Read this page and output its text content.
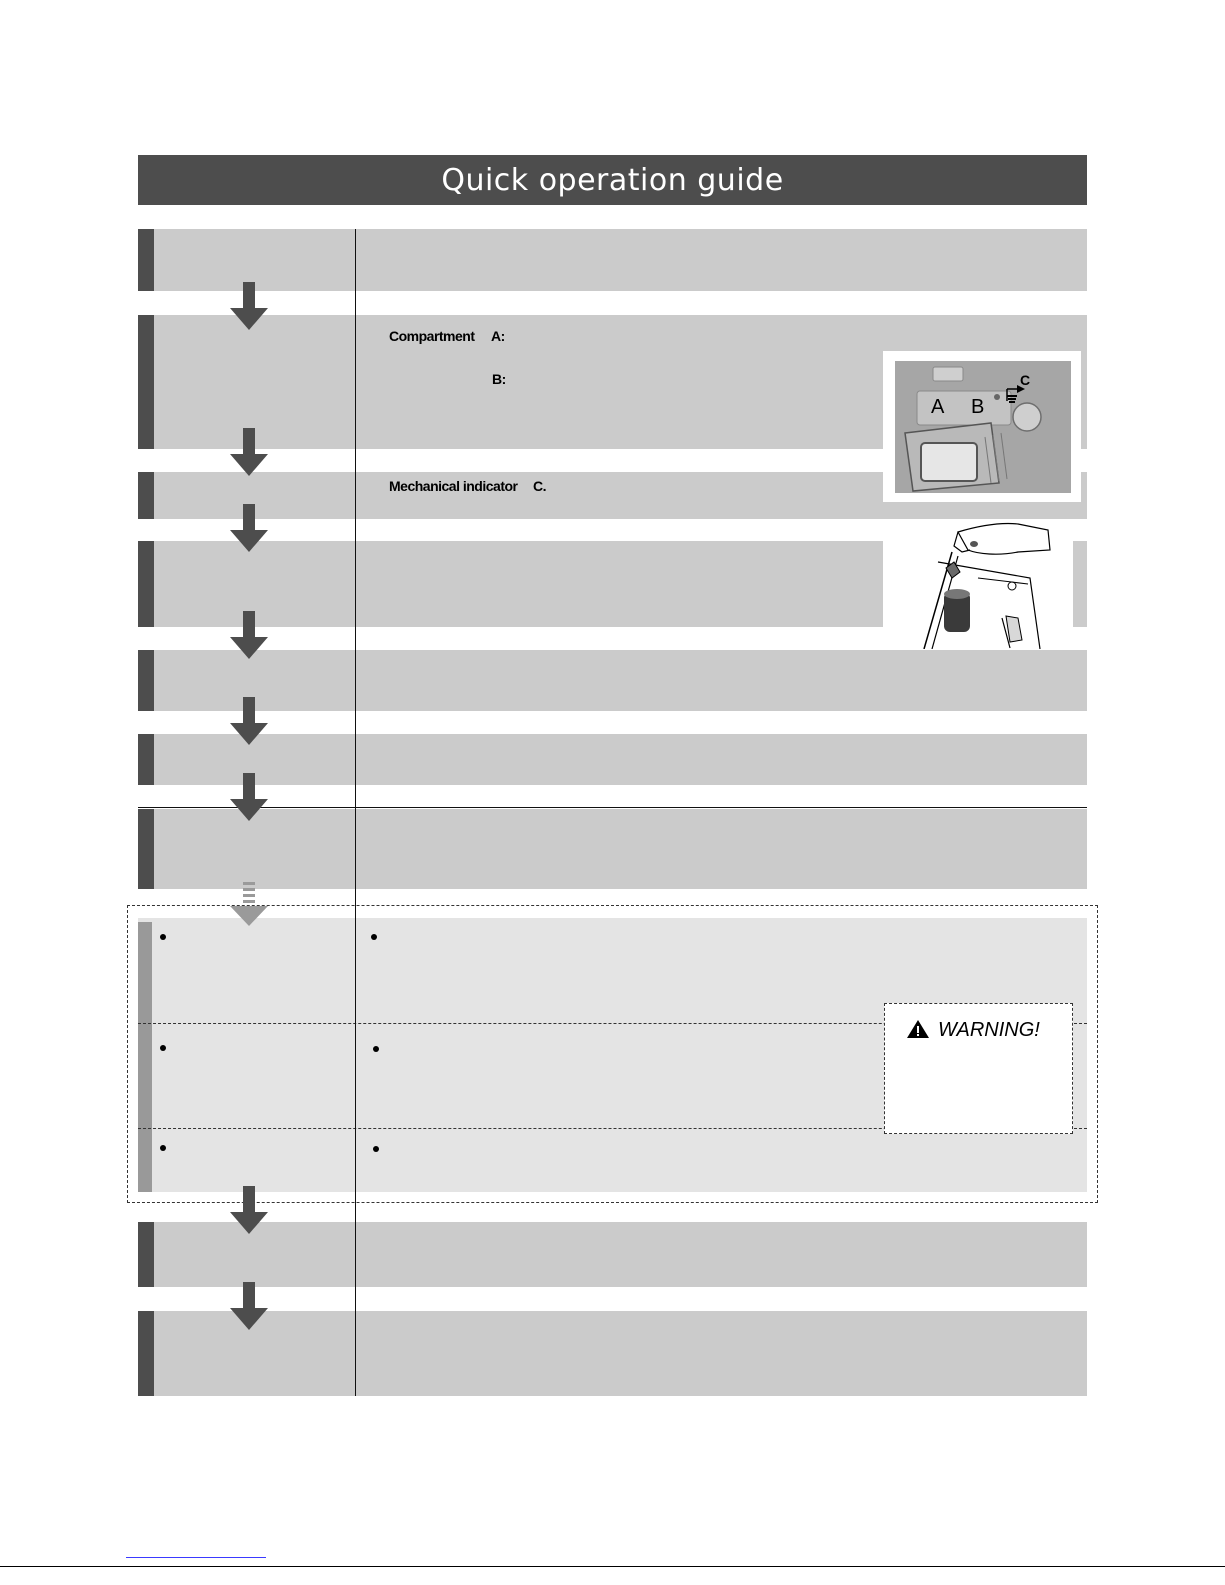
Quick operation guide
WARNING!
Compartment A:
B:
Mechanical indicator C.
A B
C
